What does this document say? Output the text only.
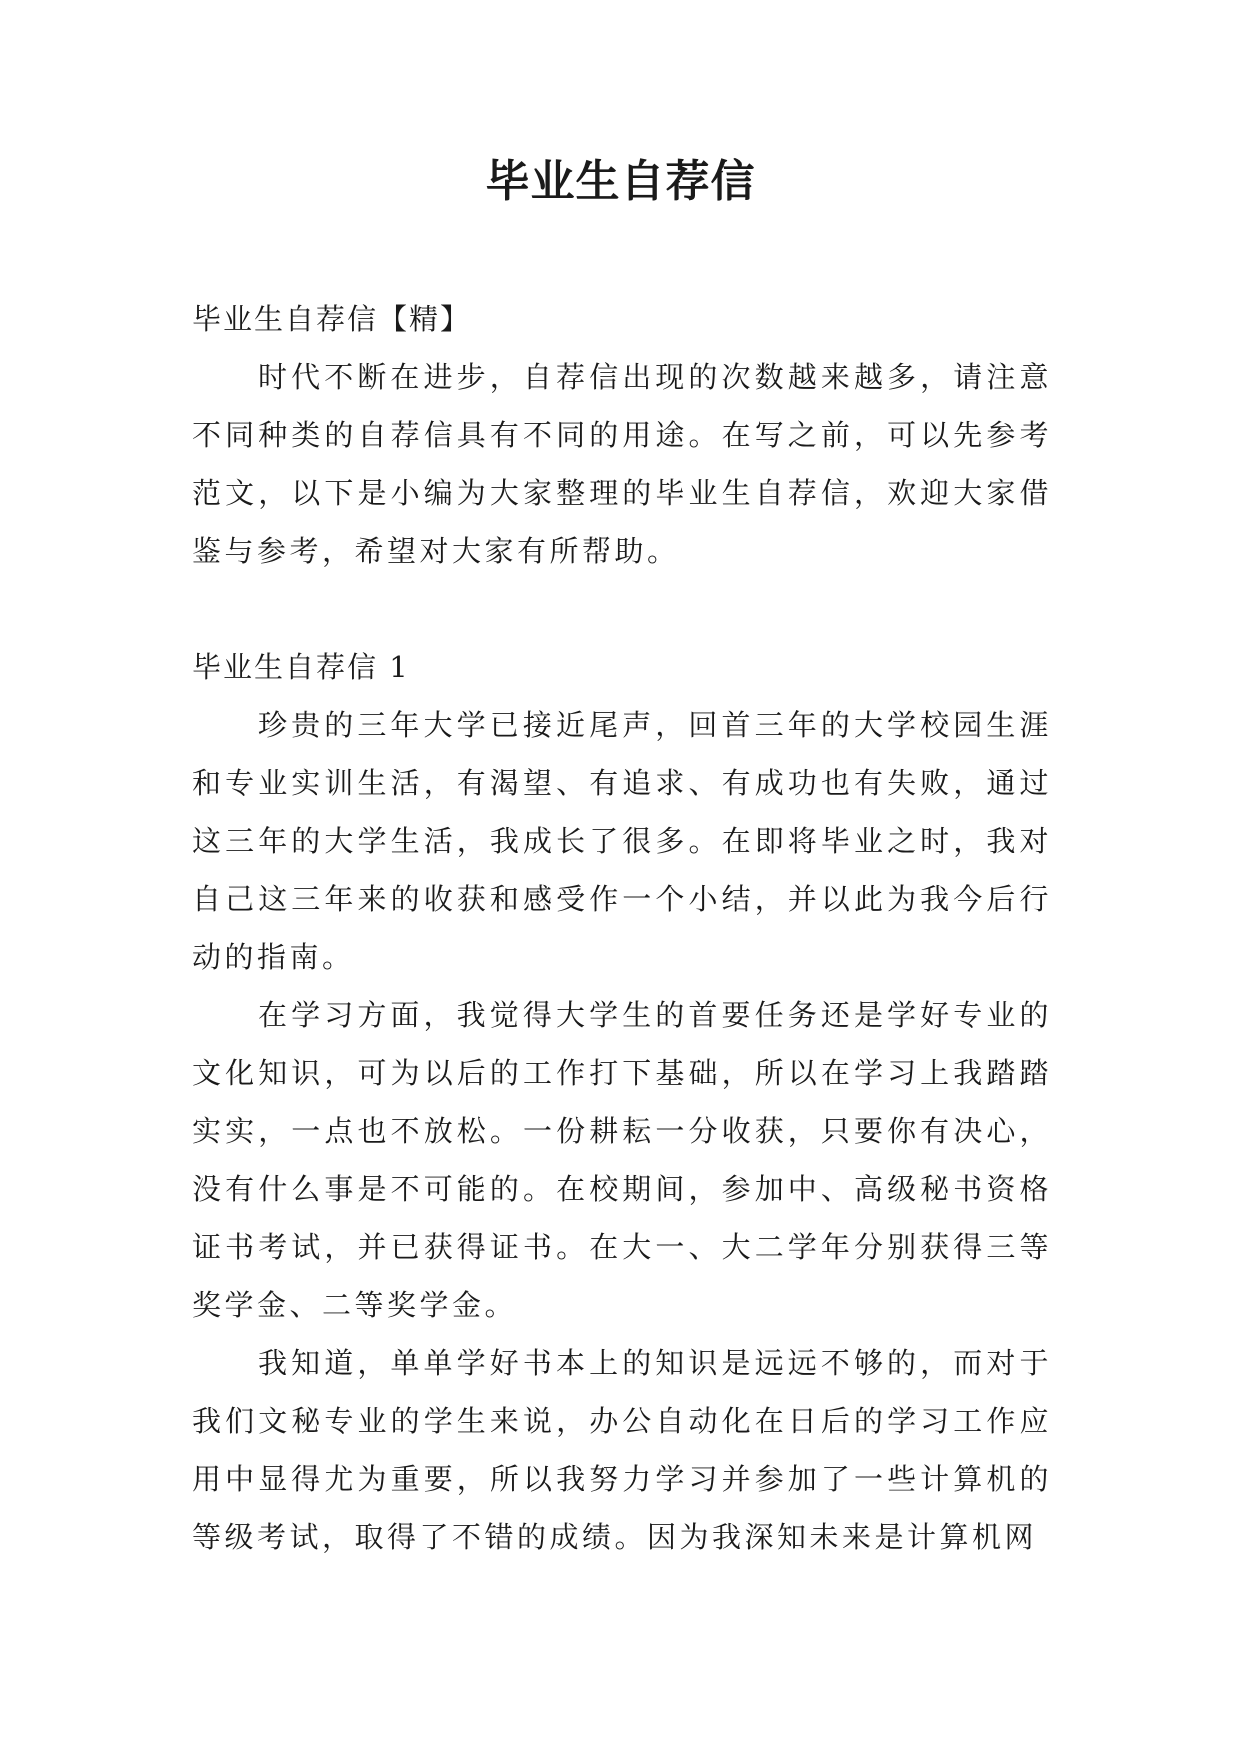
毕业生自荐信

毕业生自荐信【精】

时代不断在进步，自荐信出现的次数越来越多，请注意不同种类的自荐信具有不同的用途。在写之前，可以先参考范文，以下是小编为大家整理的毕业生自荐信，欢迎大家借鉴与参考，希望对大家有所帮助。

毕业生自荐信 1

珍贵的三年大学已接近尾声，回首三年的大学校园生涯和专业实训生活，有渴望、有追求、有成功也有失败，通过这三年的大学生活，我成长了很多。在即将毕业之时，我对自己这三年来的收获和感受作一个小结，并以此为我今后行动的指南。

在学习方面，我觉得大学生的首要任务还是学好专业的文化知识，可为以后的工作打下基础，所以在学习上我踏踏实实，一点也不放松。一份耕耘一分收获，只要你有决心，没有什么事是不可能的。在校期间，参加中、高级秘书资格证书考试，并已获得证书。在大一、大二学年分别获得三等奖学金、二等奖学金。

我知道，单单学好书本上的知识是远远不够的，而对于我们文秘专业的学生来说，办公自动化在日后的学习工作应用中显得尤为重要，所以我努力学习并参加了一些计算机的等级考试，取得了不错的成绩。因为我深知未来是计算机网
